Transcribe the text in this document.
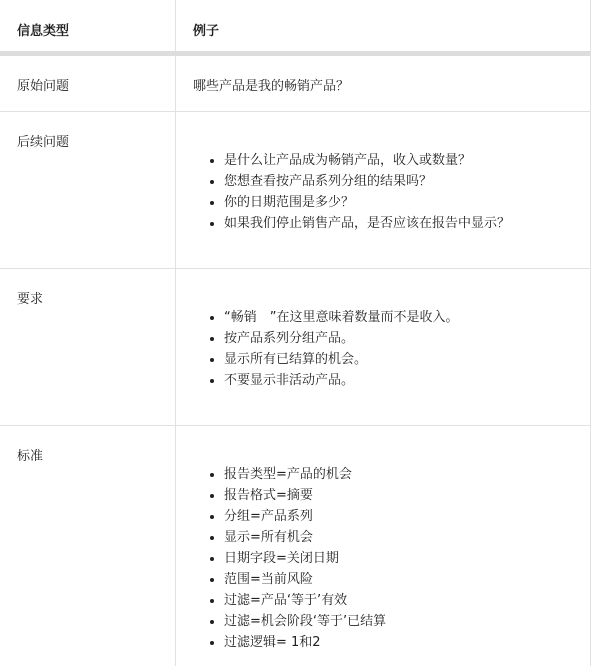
信息类型	例子
原始问题	哪些产品是我的畅销产品？
后续问题
• 是什么让产品成为畅销产品，收入或数量？
• 您想查看按产品系列分组的结果吗？
• 你的日期范围是多少？
• 如果我们停止销售产品，是否应该在报告中显示？
要求
• “畅销　”在这里意味着数量而不是收入。
• 按产品系列分组产品。
• 显示所有已结算的机会。
• 不要显示非活动产品。
标准
• 报告类型=产品的机会
• 报告格式=摘要
• 分组=产品系列
• 显示=所有机会
• 日期字段=关闭日期
• 范围=当前风险
• 过滤=产品‘等于’有效
• 过滤=机会阶段‘等于’已结算
• 过滤逻辑= 1和2
